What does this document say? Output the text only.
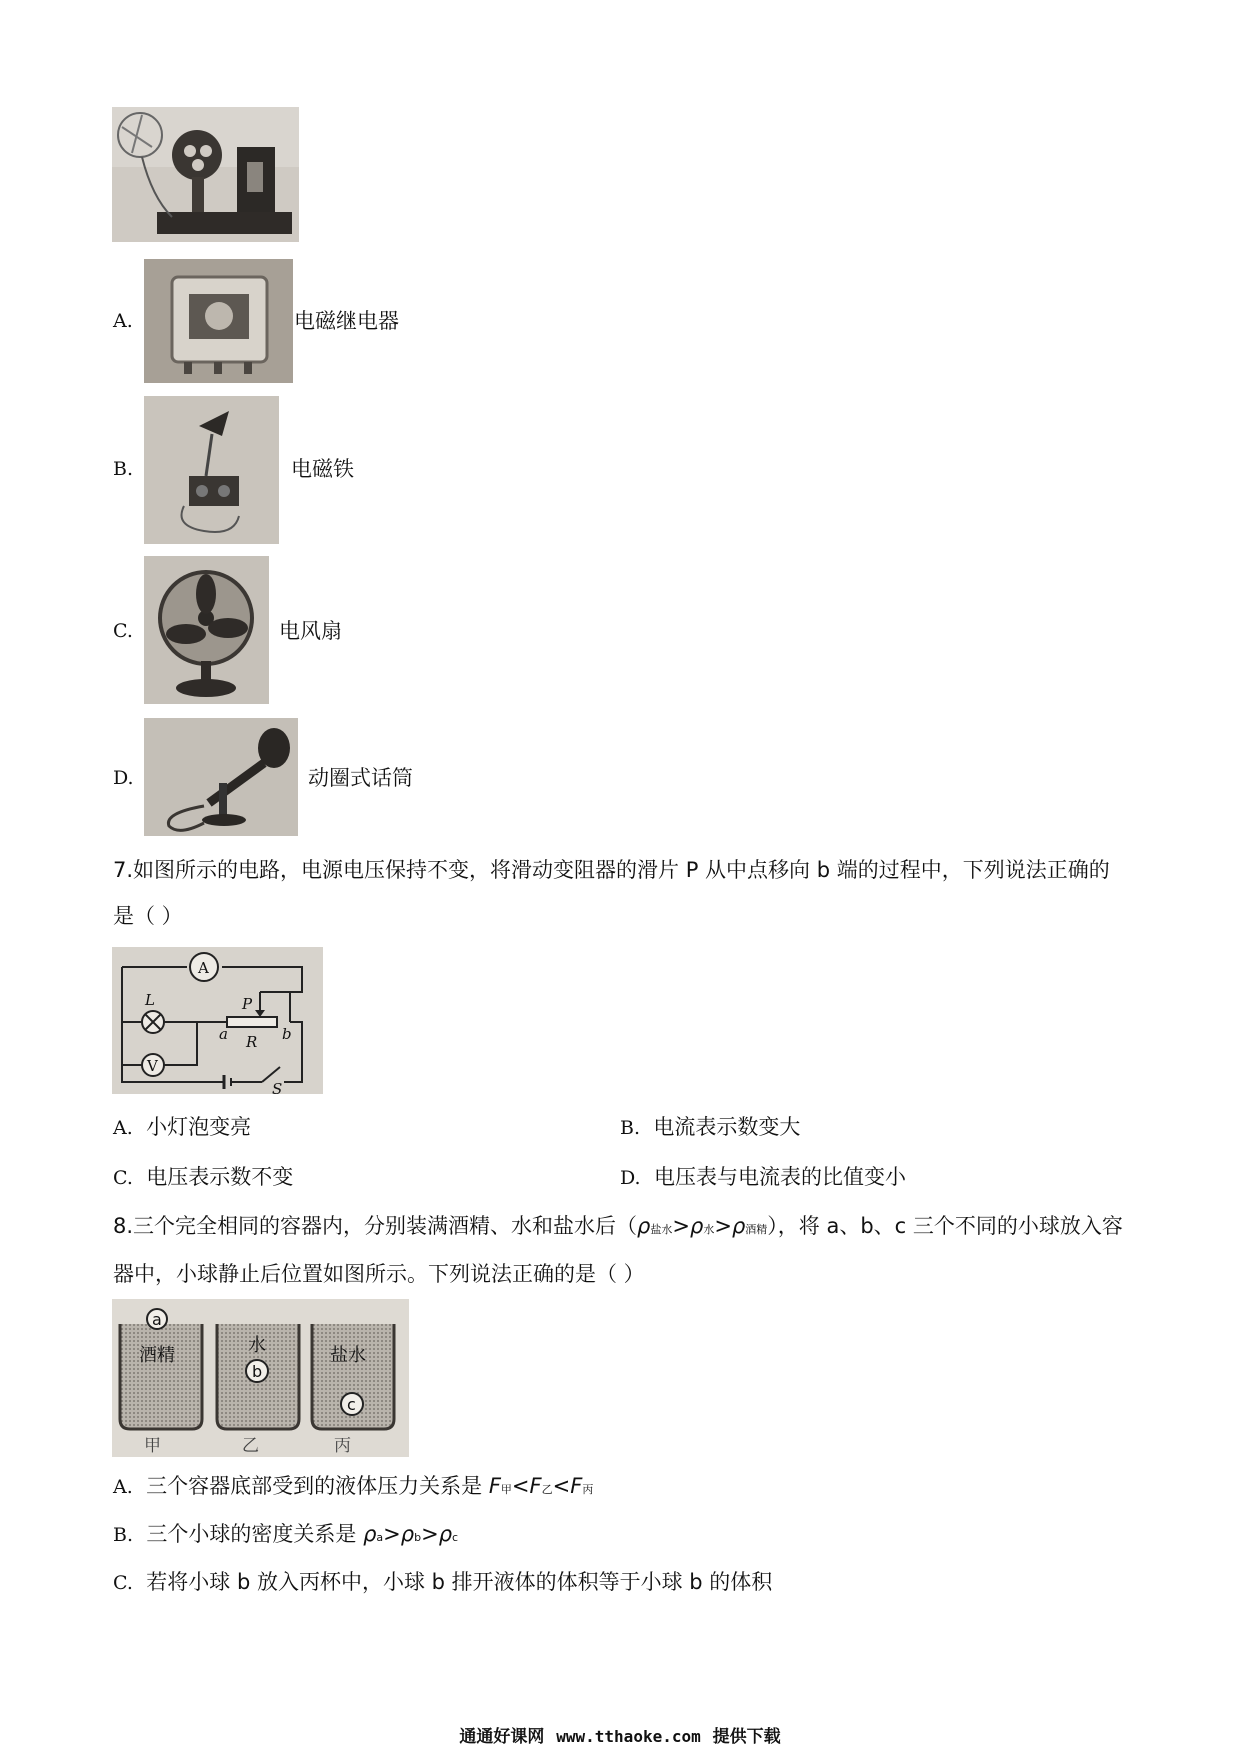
A.	电磁继电器
B.	电磁铁
C.	电风扇
D.	动圈式话筒
7.如图所示的电路，电源电压保持不变，将滑动变阻器的滑片 P 从中点移向 b 端的过程中，下列说法正确的
是（ ）
A
V
L	P
R
a	b
S
A. 小灯泡变亮	B. 电流表示数变大
C. 电压表示数不变	D. 电压表与电流表的比值变小
8.三个完全相同的容器内，分别装满酒精、水和盐水后（ρ盐水>ρ水>ρ酒精），将 a、b、c 三个不同的小球放入容
器中，小球静止后位置如图所示。下列说法正确的是（ ）
a
酒精
甲
水
b
乙
盐水
c
丙
A. 三个容器底部受到的液体压力关系是 F甲<F乙<F丙
B. 三个小球的密度关系是 ρa>ρb>ρc
C. 若将小球 b 放入丙杯中，小球 b 排开液体的体积等于小球 b 的体积
通通好课网 www.tthaoke.com 提供下载
